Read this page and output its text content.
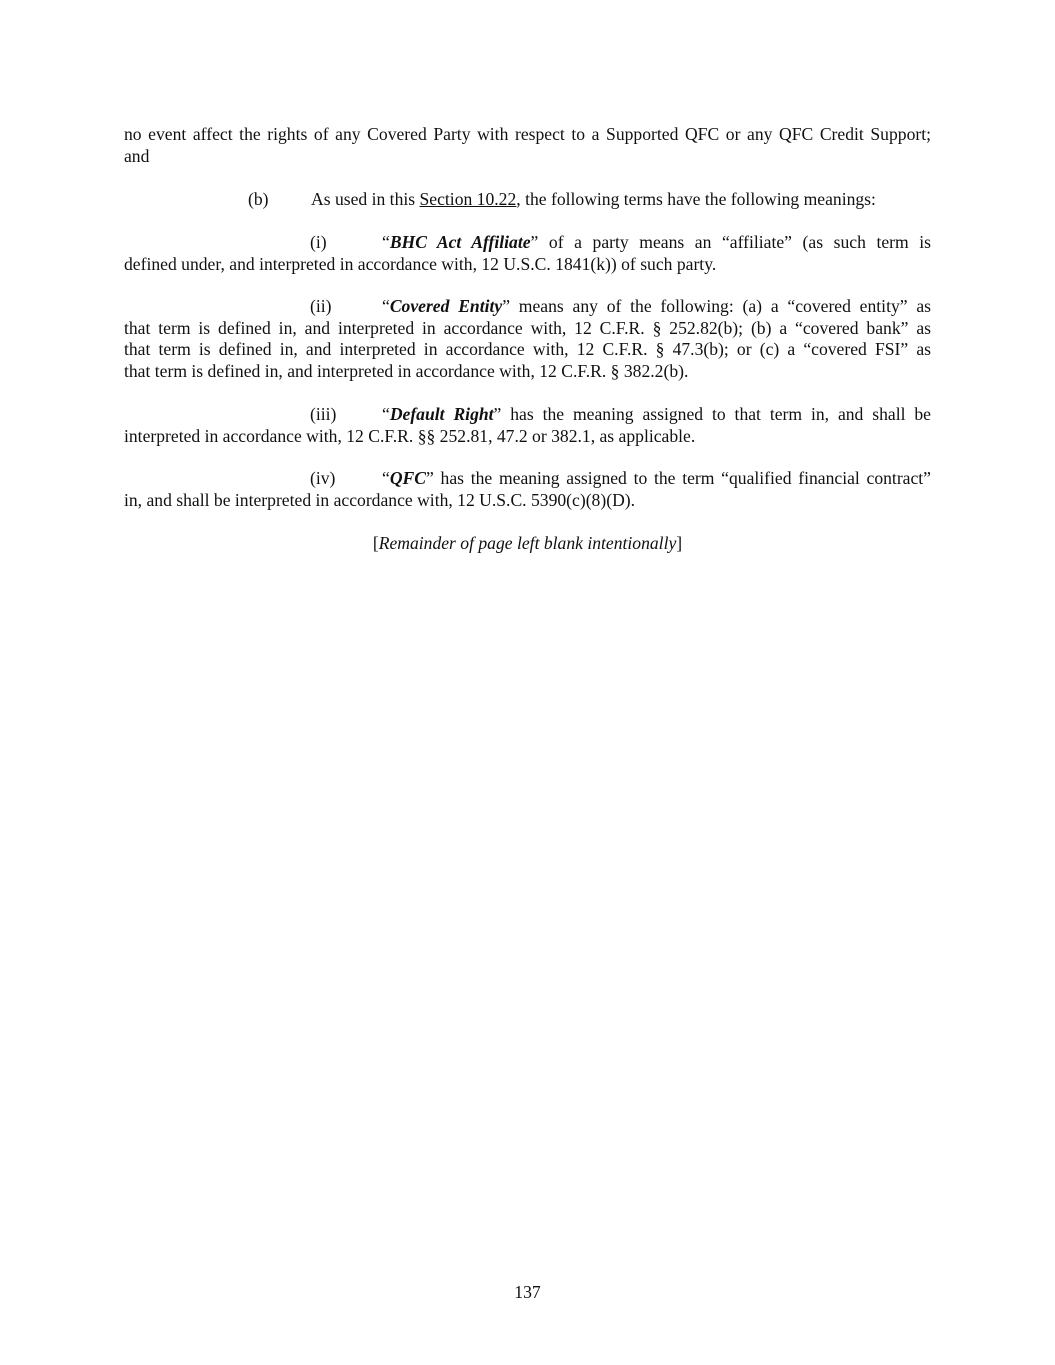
no event affect the rights of any Covered Party with respect to a Supported QFC or any QFC Credit Support;
and
(b) As used in this Section 10.22, the following terms have the following meanings:
(i)	“BHC Act Affiliate” of a party means an “affiliate” (as such term is
defined under, and interpreted in accordance with, 12 U.S.C. 1841(k)) of such party.
(ii)	“Covered Entity” means any of the following: (a) a “covered entity” as
that term is defined in, and interpreted in accordance with, 12 C.F.R. § 252.82(b); (b) a “covered bank” as
that term is defined in, and interpreted in accordance with, 12 C.F.R. § 47.3(b); or (c) a “covered FSI” as
that term is defined in, and interpreted in accordance with, 12 C.F.R. § 382.2(b).
(iii)	“Default Right” has the meaning assigned to that term in, and shall be
interpreted in accordance with, 12 C.F.R. §§ 252.81, 47.2 or 382.1, as applicable.
(iv)	“QFC” has the meaning assigned to the term “qualified financial contract”
in, and shall be interpreted in accordance with, 12 U.S.C. 5390(c)(8)(D).
[Remainder of page left blank intentionally]
137
